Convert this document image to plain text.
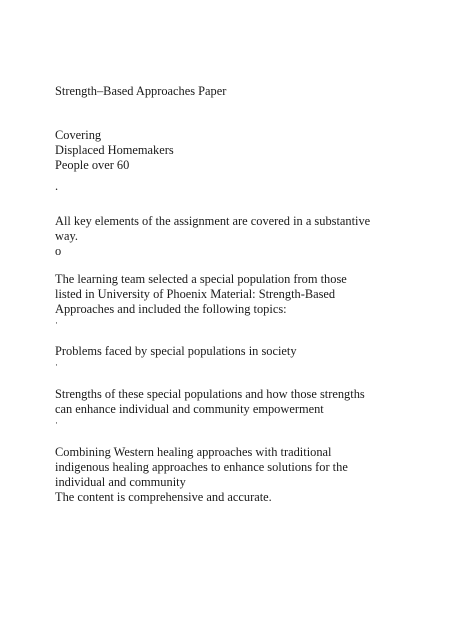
Strength–Based Approaches Paper
Covering
Displaced Homemakers
People over 60
.
All key elements of the assignment are covered in a substantive
way.
o
The learning team selected a special population from those
listed in University of Phoenix Material: Strength-Based
Approaches and included the following topics:
·
Problems faced by special populations in society
·
Strengths of these special populations and how those strengths
can enhance individual and community empowerment
·
Combining Western healing approaches with traditional
indigenous healing approaches to enhance solutions for the
individual and community
The content is comprehensive and accurate.
